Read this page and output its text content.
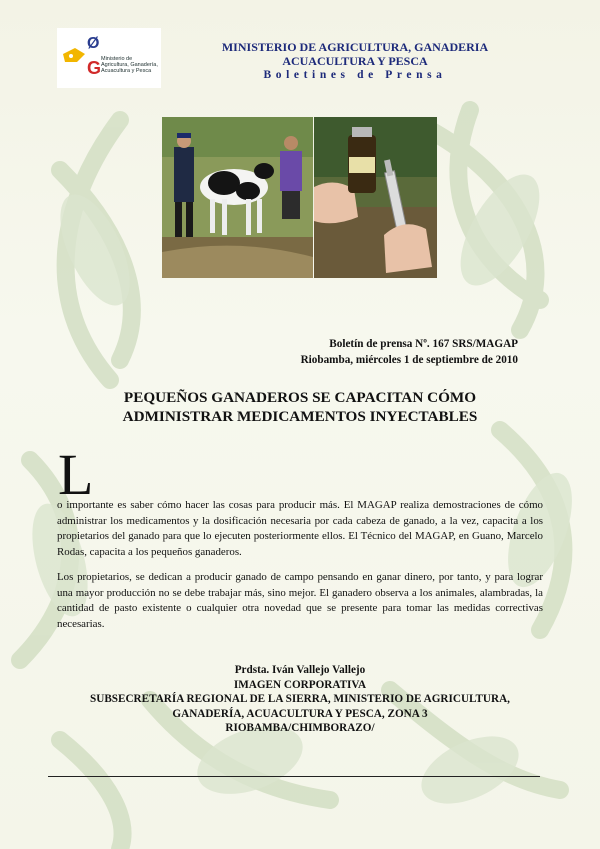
Ø
G Ministerio de
Agricultura, Ganadería,
Acuacultura y Pesca
MINISTERIO DE AGRICULTURA, GANADERIA
ACUACULTURA Y PESCA
Boletines de Prensa
Boletín de prensa Nº. 167 SRS/MAGAP
Riobamba, miércoles 1 de septiembre de 2010
PEQUEÑOS GANADEROS SE CAPACITAN CÓMO
ADMINISTRAR MEDICAMENTOS INYECTABLES
L
o importante es saber cómo hacer las cosas para producir más. El MAGAP realiza demostraciones de cómo administrar los medicamentos y la dosificación necesaria por cada cabeza de ganado, a la vez, capacita a los propietarios del ganado para que lo ejecuten posteriormente ellos. El Técnico del MAGAP, en Guano, Marcelo Rodas, capacita a los pequeños ganaderos.
Los propietarios, se dedican a producir ganado de campo pensando en ganar dinero, por tanto, y para lograr una mayor producción no se debe trabajar más, sino mejor. El ganadero observa a los animales, alambradas, la cantidad de pasto existente o cualquier otra novedad que se presente para tomar las medidas correctivas necesarias.
Prdsta. Iván Vallejo Vallejo
IMAGEN CORPORATIVA
SUBSECRETARÍA REGIONAL DE LA SIERRA, MINISTERIO DE AGRICULTURA,
GANADERÍA, ACUACULTURA Y PESCA, ZONA 3
RIOBAMBA/CHIMBORAZO/
